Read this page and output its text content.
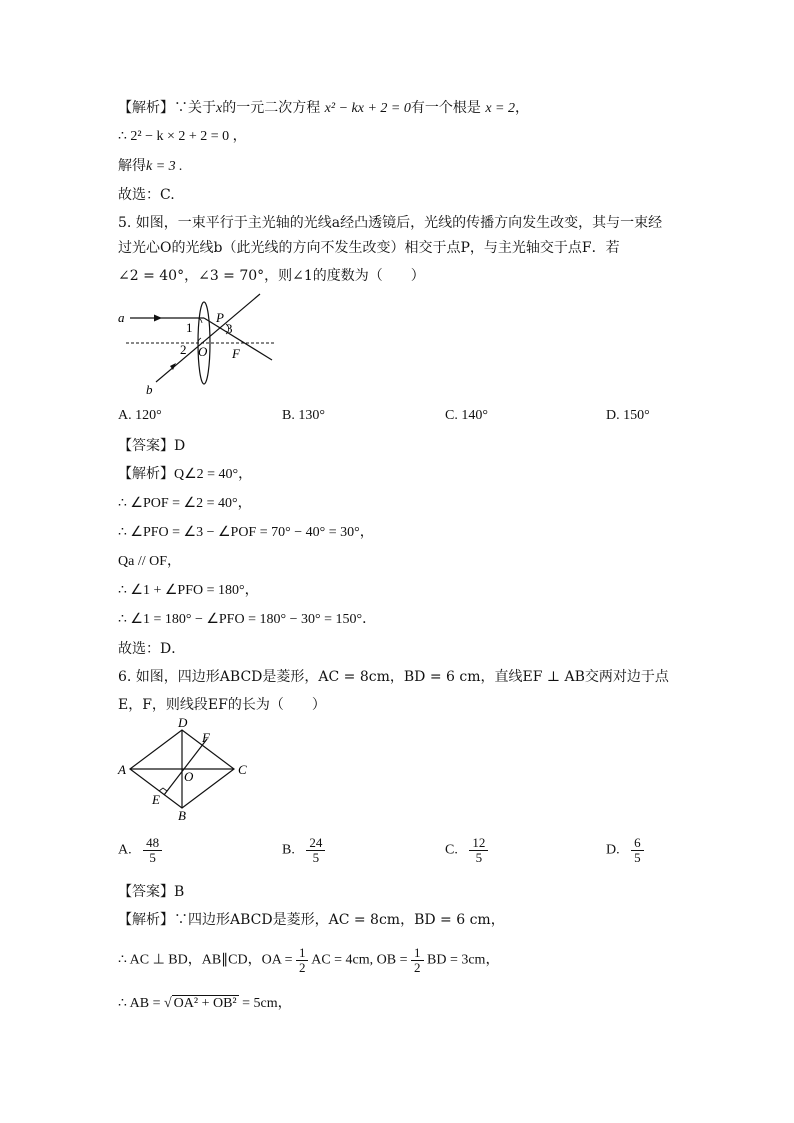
【解析】∵关于x的一元二次方程 x² − kx + 2 = 0有一个根是 x = 2，
∴ 2² − k × 2 + 2 = 0 ，
解得k = 3 .
故选：C.
5. 如图，一束平行于主光轴的光线a经凸透镜后，光线的传播方向发生改变，其与一束经
过光心O的光线b（此光线的方向不发生改变）相交于点P，与主光轴交于点F．若
∠2 = 40°，∠3 = 70°，则∠1的度数为（　　）
a
b
1
2
3
P
O F
A. 120°	B. 130°	C. 140°	D. 150°
【答案】D
【解析】Q∠2 = 40°，
∴ ∠POF = ∠2 = 40°，
∴ ∠PFO = ∠3 − ∠POF = 70° − 40° = 30°，
Qa // OF，
∴ ∠1 + ∠PFO = 180°，
∴ ∠1 = 180° − ∠PFO = 180° − 30° = 150°．
故选：D．
6. 如图，四边形ABCD是菱形，AC = 8cm，BD = 6 cm，直线EF ⊥ AB交两对边于点
E，F，则线段EF的长为（　　）
A
B
C
D
E
F
O
A. $\frac{48}{5}$	B. $\frac{24}{5}$	C. $\frac{12}{5}$	D. $\frac{6}{5}$
【答案】B
【解析】∵四边形ABCD是菱形，AC = 8cm，BD = 6 cm，
∴ AC ⊥ BD，AB∥CD，OA = $\frac{1}{2}$ AC = 4cm, OB = $\frac{1}{2}$ BD = 3cm，
∴ AB = √ OA² + OB² = 5cm，
